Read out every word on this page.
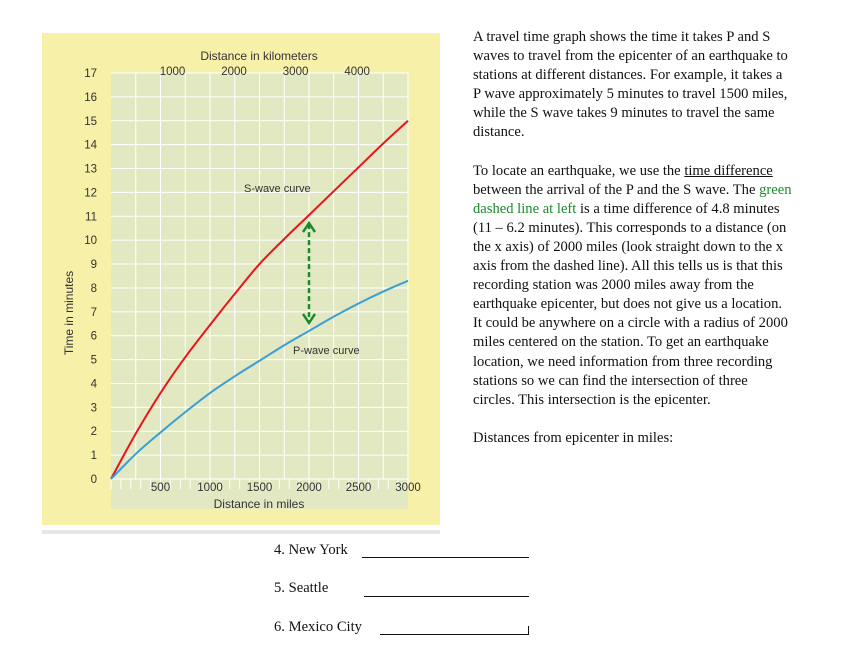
0
1
2
3
4
5
6
7
8
9
10
11
12
13
14
15
16
17
500 1000 1500 2000 2500 3000
1000	2000	3000	4000
Distance in kilometers
Distance in miles
Time in minutes
S-wave curve
P-wave curve

A travel time graph shows the time it takes P and S waves to travel from the epicenter of an earthquake to stations at different distances. For example, it takes a P wave approximately 5 minutes to travel 1500 miles, while the S wave takes 9 minutes to travel the same distance.

To locate an earthquake, we use the time difference between the arrival of the P and the S wave. The green dashed line at left is a time difference of 4.8 minutes (11 – 6.2 minutes). This corresponds to a distance (on the x axis) of 2000 miles (look straight down to the x axis from the dashed line). All this tells us is that this recording station was 2000 miles away from the earthquake epicenter, but does not give us a location. It could be anywhere on a circle with a radius of 2000 miles centered on the station. To get an earthquake location, we need information from three recording stations so we can find the intersection of three circles. This intersection is the epicenter.

Distances from epicenter in miles:

4. New York
5. Seattle
6. Mexico City
